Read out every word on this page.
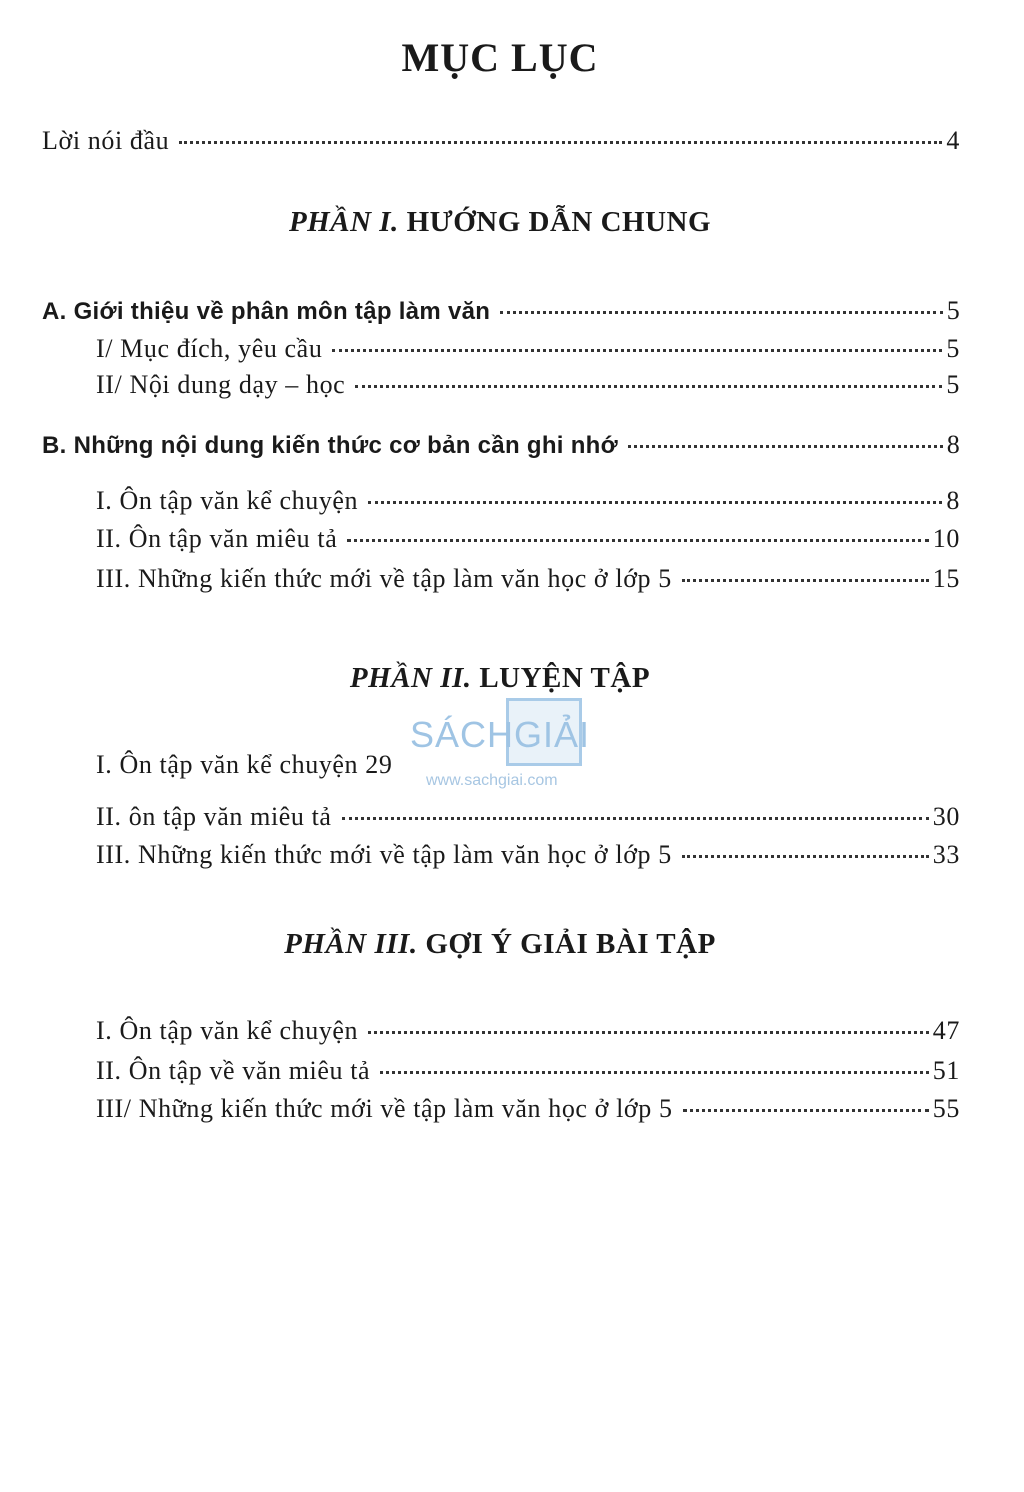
MỤC LỤC
Lời nói đầu	4
PHẦN I. HƯỚNG DẪN CHUNG
A. Giới thiệu về phân môn tập làm văn	5
I/ Mục đích, yêu cầu	5
II/ Nội dung dạy – học	5
B. Những nội dung kiến thức cơ bản cần ghi nhớ	8
I. Ôn tập văn kể chuyện	8
II. Ôn tập văn miêu tả	10
III. Những kiến thức mới về tập làm văn học ở lớp 5	15
PHẦN II. LUYỆN TẬP
SÁCHGIẢI
www.sachgiai.com
I. Ôn tập văn kể chuyện 29
II. ôn tập văn miêu tả	30
III. Những kiến thức mới về tập làm văn học ở lớp 5	33
PHẦN III. GỢI Ý GIẢI BÀI TẬP
I. Ôn tập văn kể chuyện	47
II. Ôn tập về văn miêu tả	51
III/ Những kiến thức mới về tập làm văn học ở lớp 5	55
